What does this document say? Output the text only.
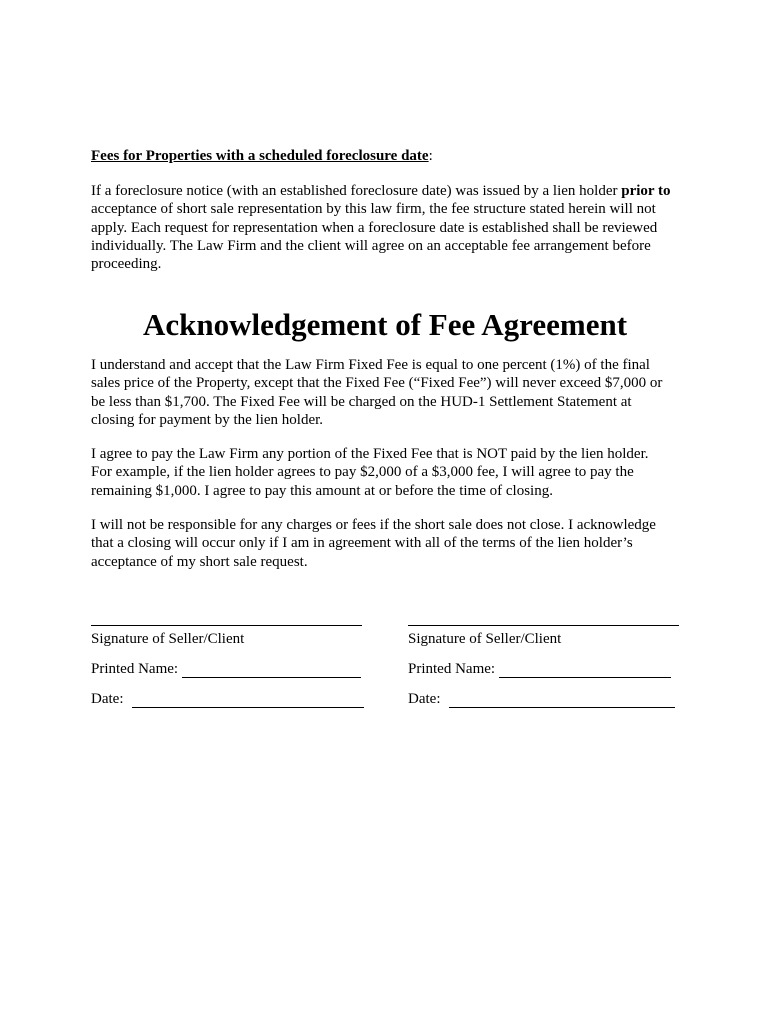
Fees for Properties with a scheduled foreclosure date:
If a foreclosure notice (with an established foreclosure date) was issued by a lien holder prior to
acceptance of short sale representation by this law firm, the fee structure stated herein will not
apply. Each request for representation when a foreclosure date is established shall be reviewed
individually. The Law Firm and the client will agree on an acceptable fee arrangement before
proceeding.
Acknowledgement of Fee Agreement
I understand and accept that the Law Firm Fixed Fee is equal to one percent (1%) of the final
sales price of the Property, except that the Fixed Fee (“Fixed Fee”) will never exceed $7,000 or
be less than $1,700. The Fixed Fee will be charged on the HUD-1 Settlement Statement at
closing for payment by the lien holder.
I agree to pay the Law Firm any portion of the Fixed Fee that is NOT paid by the lien holder.
For example, if the lien holder agrees to pay $2,000 of a $3,000 fee, I will agree to pay the
remaining $1,000. I agree to pay this amount at or before the time of closing.
I will not be responsible for any charges or fees if the short sale does not close. I acknowledge
that a closing will occur only if I am in agreement with all of the terms of the lien holder’s
acceptance of my short sale request.
Signature of Seller/Client
Printed Name:
Date:
Signature of Seller/Client
Printed Name:
Date:
